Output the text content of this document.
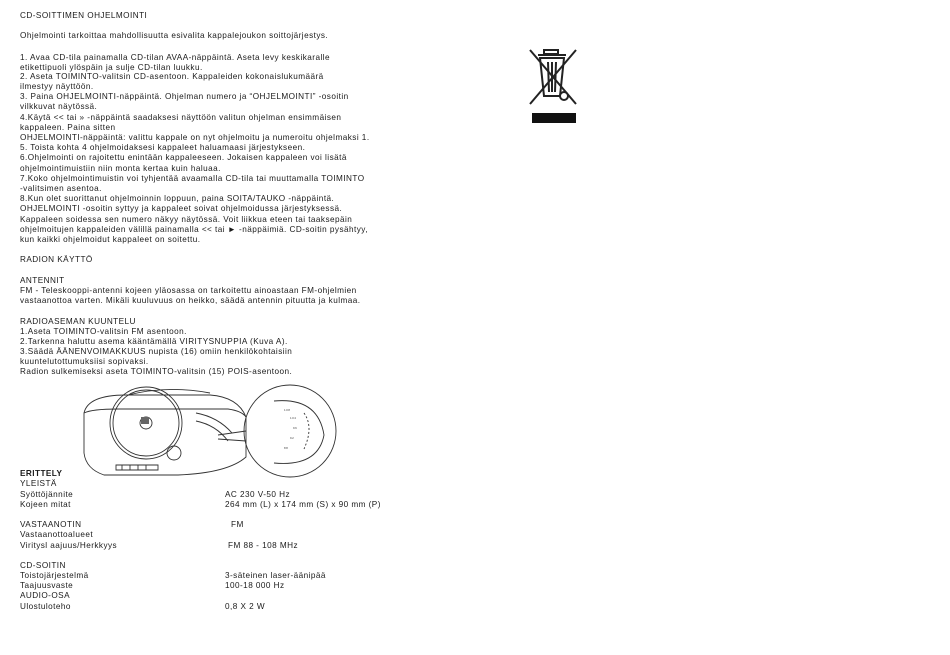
CD-SOITTIMEN OHJELMOINTI
Ohjelmointi tarkoittaa mahdollisuutta esivalita kappalejoukon soittojärjestys.
1. Avaa CD-tila painamalla CD-tilan AVAA-näppäintä. Aseta levy keskikaralle
etikettipuoli ylöspäin ja sulje CD-tilan luukku.
2. Aseta TOIMINTO-valitsin CD-asentoon. Kappaleiden kokonaislukumäärä
ilmestyy näyttöön.
3. Paina OHJELMOINTI-näppäintä. Ohjelman numero ja “OHJELMOINTI” -osoitin
vilkkuvat näytössä.
4.Käytä << tai » -näppäintä saadaksesi näyttöön valitun ohjelman ensimmäisen
kappaleen. Paina sitten
OHJELMOINTI-näppäintä: valittu kappale on nyt ohjelmoitu ja numeroitu ohjelmaksi 1.
5. Toista kohta 4 ohjelmoidaksesi kappaleet haluamaasi järjestykseen.
6.Ohjelmointi on rajoitettu enintään kappaleeseen. Jokaisen kappaleen voi lisätä
ohjelmointimuistiin niin monta kertaa kuin haluaa.
7.Koko ohjelmointimuistin voi tyhjentää avaamalla CD-tila tai muuttamalla TOIMINTO
-valitsimen asentoa.
8.Kun olet suorittanut ohjelmoinnin loppuun, paina SOITA/TAUKO -näppäintä.
OHJELMOINTI -osoitin syttyy ja kappaleet soivat ohjelmoidussa järjestyksessä.
Kappaleen soidessa sen numero näkyy näytössä. Voit liikkua eteen tai taaksepäin
ohjelmoitujen kappaleiden välillä painamalla << tai ► -näppäimiä. CD-soitin pysähtyy,
kun kaikki ohjelmoidut kappaleet on soitettu.
RADION KÄYTTÖ
ANTENNIT
FM - Teleskooppi-antenni kojeen yläosassa on tarkoitettu ainoastaan FM-ohjelmien
vastaanottoa varten. Mikäli kuuluvuus on heikko, säädä antennin pituutta ja kulmaa.
RADIOASEMAN KUUNTELU
1.Aseta TOIMINTO-valitsin FM asentoon.
2.Tarkenna haluttu asema kääntämällä VIRITYSNUPPIA (Kuva A).
3.Säädä ÄÄNENVOIMAKKUUS nupista (16) omiin henkilökohtaisiin
kuuntelutottumuksiisi sopivaksi.
Radion sulkemiseksi aseta TOIMINTO-valitsin (15) POIS-asentoon.
108
104
96
92
88
ERITTELY
YLEISTÄ
Syöttöjännite	AC 230 V-50 Hz
Kojeen mitat	264 mm (L) x 174 mm (S) x 90 mm (P)
VASTAANOTIN	FM
Vastaanottoalueet
Viritysl aajuus/Herkkyys	FM 88 - 108 MHz
CD-SOITIN
Toistojärjestelmä	3-säteinen laser-äänipää
Taajuusvaste	100-18 000 Hz
AUDIO-OSA
Ulostuloteho	0,8 X 2 W
